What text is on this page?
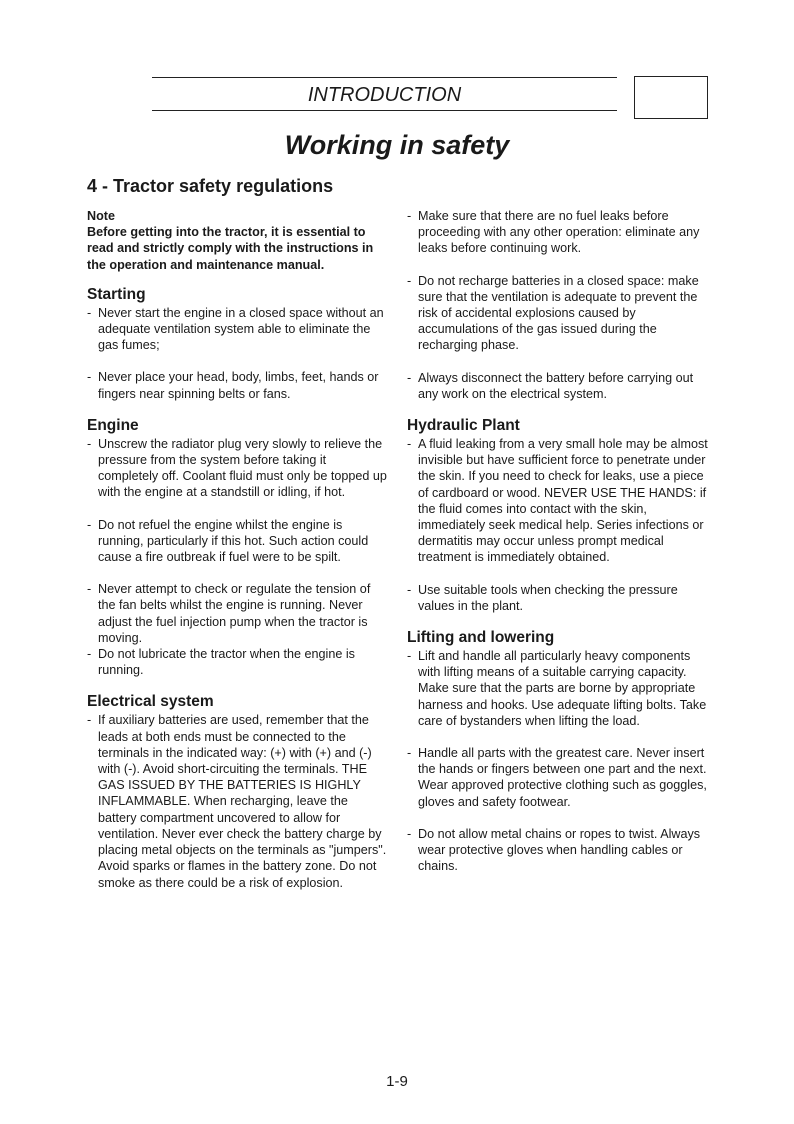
INTRODUCTION
Working in safety
4 - Tractor safety regulations
Note
Before getting into the tractor, it is essential to read and strictly comply with the instructions in the operation and maintenance manual.
Starting

- Never start the engine in a closed space without an adequate ventilation system able to eliminate the gas fumes;

- Never place your head, body, limbs, feet, hands or fingers near spinning belts or fans.

Engine

- Unscrew the radiator plug very slowly to relieve the pressure from the system before taking it completely off. Coolant fluid must only be topped up with the engine at a standstill or idling, if hot.

- Do not refuel the engine whilst the engine is running, particularly if this hot. Such action could cause a fire outbreak if fuel were to be spilt.

- Never attempt to check or regulate the tension of the fan belts whilst the engine is running. Never adjust the fuel injection pump when the tractor is moving.

- Do not lubricate the tractor when the engine is running.

Electrical system

- If auxiliary batteries are used, remember that the leads at both ends must be connected to the terminals in the indicated way: (+) with (+) and (-) with (-). Avoid short-circuiting the terminals. THE GAS ISSUED BY THE BATTERIES IS HIGHLY INFLAMMABLE. When recharging, leave the battery compartment uncovered to allow for ventilation. Never ever check the battery charge by placing metal objects on the terminals as "jumpers". Avoid sparks or flames in the battery zone. Do not smoke as there could be a risk of explosion.

- Make sure that there are no fuel leaks before proceeding with any other operation: eliminate any leaks before continuing work.

- Do not recharge batteries in a closed space: make sure that the ventilation is adequate to prevent the risk of accidental explosions caused by accumulations of the gas issued during the recharging phase.

- Always disconnect the battery before carrying out any work on the electrical system.

Hydraulic Plant

- A fluid leaking from a very small hole may be almost invisible but have sufficient force to penetrate under the skin. If you need to check for leaks, use a piece of cardboard or wood. NEVER USE THE HANDS: if the fluid comes into contact with the skin, immediately seek medical help. Series infections or dermatitis may occur unless prompt medical treatment is immediately obtained.

- Use suitable tools when checking the pressure values in the plant.

Lifting and lowering

- Lift and handle all particularly heavy components with lifting means of a suitable carrying capacity. Make sure that the parts are borne by appropriate harness and hooks. Use adequate lifting bolts. Take care of bystanders when lifting the load.

- Handle all parts with the greatest care. Never insert the hands or fingers between one part and the next. Wear approved protective clothing such as goggles, gloves and safety footwear.

- Do not allow metal chains or ropes to twist. Always wear protective gloves when handling cables or chains.

1-9
